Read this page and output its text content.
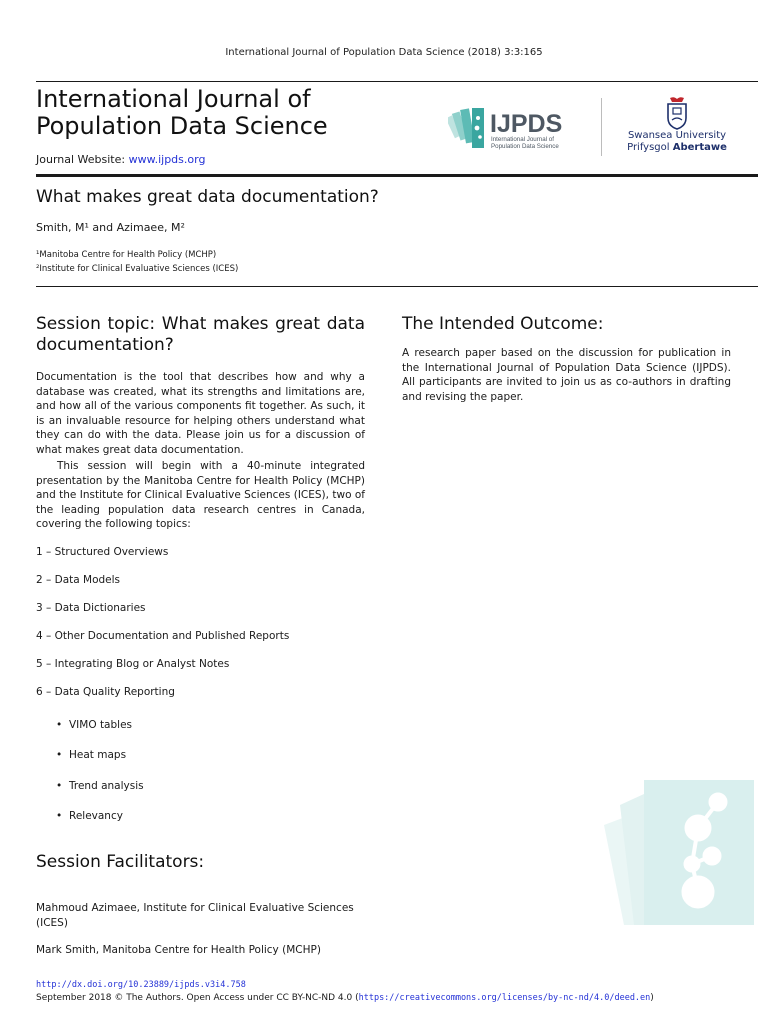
International Journal of Population Data Science (2018) 3:3:165
International Journal of
Population Data Science
Journal Website: www.ijpds.org
IJPDS
International Journal of
Population Data Science
Swansea University
Prifysgol Abertawe
What makes great data documentation?
Smith, M¹ and Azimaee, M²
¹Manitoba Centre for Health Policy (MCHP)
²Institute for Clinical Evaluative Sciences (ICES)
Session topic: What makes great data documentation?
Documentation is the tool that describes how and why a database was created, what its strengths and limitations are, and how all of the various components fit together. As such, it is an invaluable resource for helping others understand what they can do with the data. Please join us for a discussion of what makes great data documentation.
This session will begin with a 40-minute integrated presentation by the Manitoba Centre for Health Policy (MCHP) and the Institute for Clinical Evaluative Sciences (ICES), two of the leading population data research centres in Canada, covering the following topics:
1 – Structured Overviews
2 – Data Models
3 – Data Dictionaries
4 – Other Documentation and Published Reports
5 – Integrating Blog or Analyst Notes
6 – Data Quality Reporting
• VIMO tables
• Heat maps
• Trend analysis
• Relevancy
Session Facilitators:
Mahmoud Azimaee, Institute for Clinical Evaluative Sciences (ICES)
Mark Smith, Manitoba Centre for Health Policy (MCHP)
The Intended Outcome:
A research paper based on the discussion for publication in the International Journal of Population Data Science (IJPDS). All participants are invited to join us as co-authors in drafting and revising the paper.
http://dx.doi.org/10.23889/ijpds.v3i4.758
September 2018 © The Authors. Open Access under CC BY-NC-ND 4.0 (https://creativecommons.org/licenses/by-nc-nd/4.0/deed.en)
